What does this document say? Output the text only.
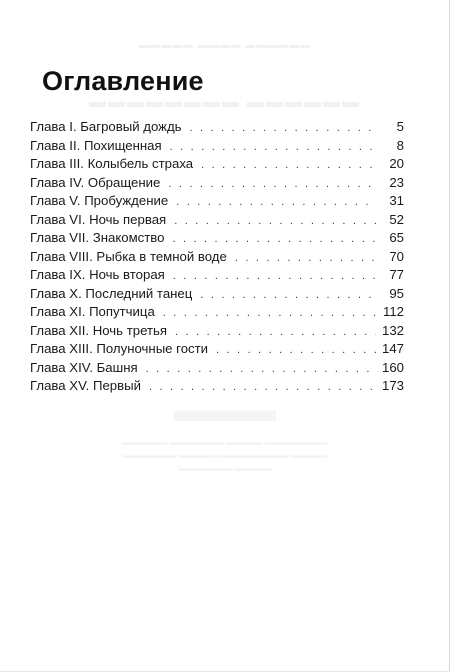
▬▬▬▬▬ ▬▬▬▬ ▬▬▬▬▬▬
▬▬▬▬▬▬▬▬ ▬▬▬▬▬▬
▬▬▬
▬▬▬▬▬ ▬▬▬▬▬▬ ▬▬▬▬ ▬▬▬▬▬▬▬
▬▬▬▬▬▬ ▬▬▬▬ ▬▬▬▬▬▬▬▬ ▬▬▬▬
▬▬▬▬▬▬ ▬▬▬▬
Оглавление
Глава I. Багровый дождь . . .	5
Глава II. Похищенная . . .	8
Глава III. Колыбель страха . . .	20
Глава IV. Обращение . . .	23
Глава V. Пробуждение . . .	31
Глава VI. Ночь первая . . .	52
Глава VII. Знакомство . . .	65
Глава VIII. Рыбка в темной воде . . .	70
Глава IX. Ночь вторая . . .	77
Глава X. Последний танец . . .	95
Глава XI. Попутчица . . .	112
Глава XII. Ночь третья . . .	132
Глава XIII. Полуночные гости . . .	147
Глава XIV. Башня . . .	160
Глава XV. Первый . . .	173
